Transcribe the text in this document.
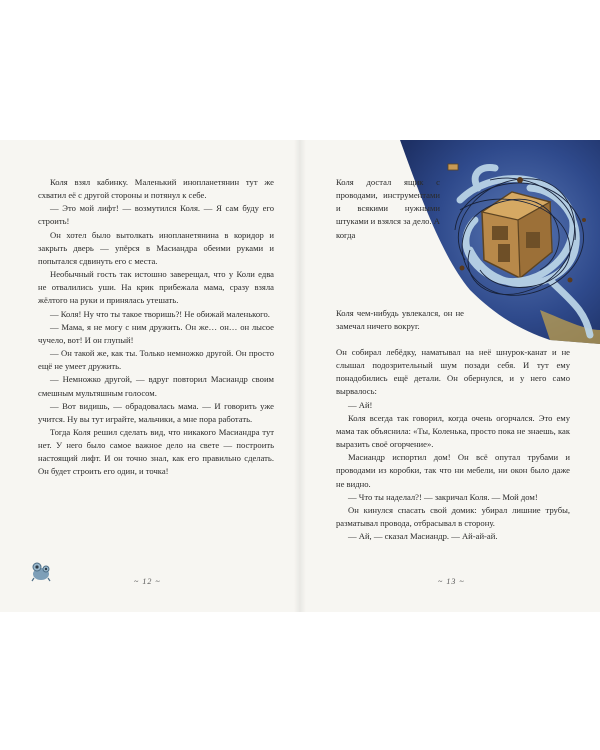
Коля взял кабинку. Маленький инопланетянин тут же схватил её с другой стороны и потянул к себе.

— Это мой лифт! — возмутился Коля. — Я сам буду его строить!

Он хотел было вытолкать инопланетянина в коридор и закрыть дверь — упёрся в Масиандра обеими руками и попытался сдвинуть его с места.

Необычный гость так истошно заверещал, что у Коли едва не отвалились уши. На крик прибежала мама, сразу взяла жёлтого на руки и принялась утешать.

— Коля! Ну что ты такое творишь?! Не обижай маленького.

— Мама, я не могу с ним дружить. Он же… он… он лысое чучело, вот! И он глупый!

— Он такой же, как ты. Только немножко другой. Он просто ещё не умеет дружить.

— Немножко другой, — вдруг повторил Масиандр своим смешным мультяшным голосом.

— Вот видишь, — обрадовалась мама. — И говорить уже учится. Ну вы тут играйте, мальчики, а мне пора работать.

Тогда Коля решил сделать вид, что никакого Масиандра тут нет. У него было самое важное дело на свете — построить настоящий лифт. И он точно знал, как его правильно сделать. Он будет строить его один, и точка!

~ 12 ~
Коля достал ящик с проводами, инструментами и всякими нужными штуками и взялся за дело. А когда
Коля чем-нибудь увлекался, он не замечал ничего вокруг.

Он собирал лебёдку, наматывал на неё шнурок-канат и не слышал подозрительный шум позади себя. И тут ему понадобились ещё детали. Он обернулся, и у него само вырвалось:

— Ай!

Коля всегда так говорил, когда очень огорчался. Это ему мама так объяснила: «Ты, Коленька, просто пока не знаешь, как выразить своё огорчение».

Масиандр испортил дом! Он всё опутал трубами и проводами из коробки, так что ни мебели, ни окон было даже не видно.

— Что ты наделал?! — закричал Коля. — Мой дом!

Он кинулся спасать свой домик: убирал лишние трубы, разматывал провода, отбрасывал в сторону.

— Ай, — сказал Масиандр. — Ай-ай-ай.

~ 13 ~
